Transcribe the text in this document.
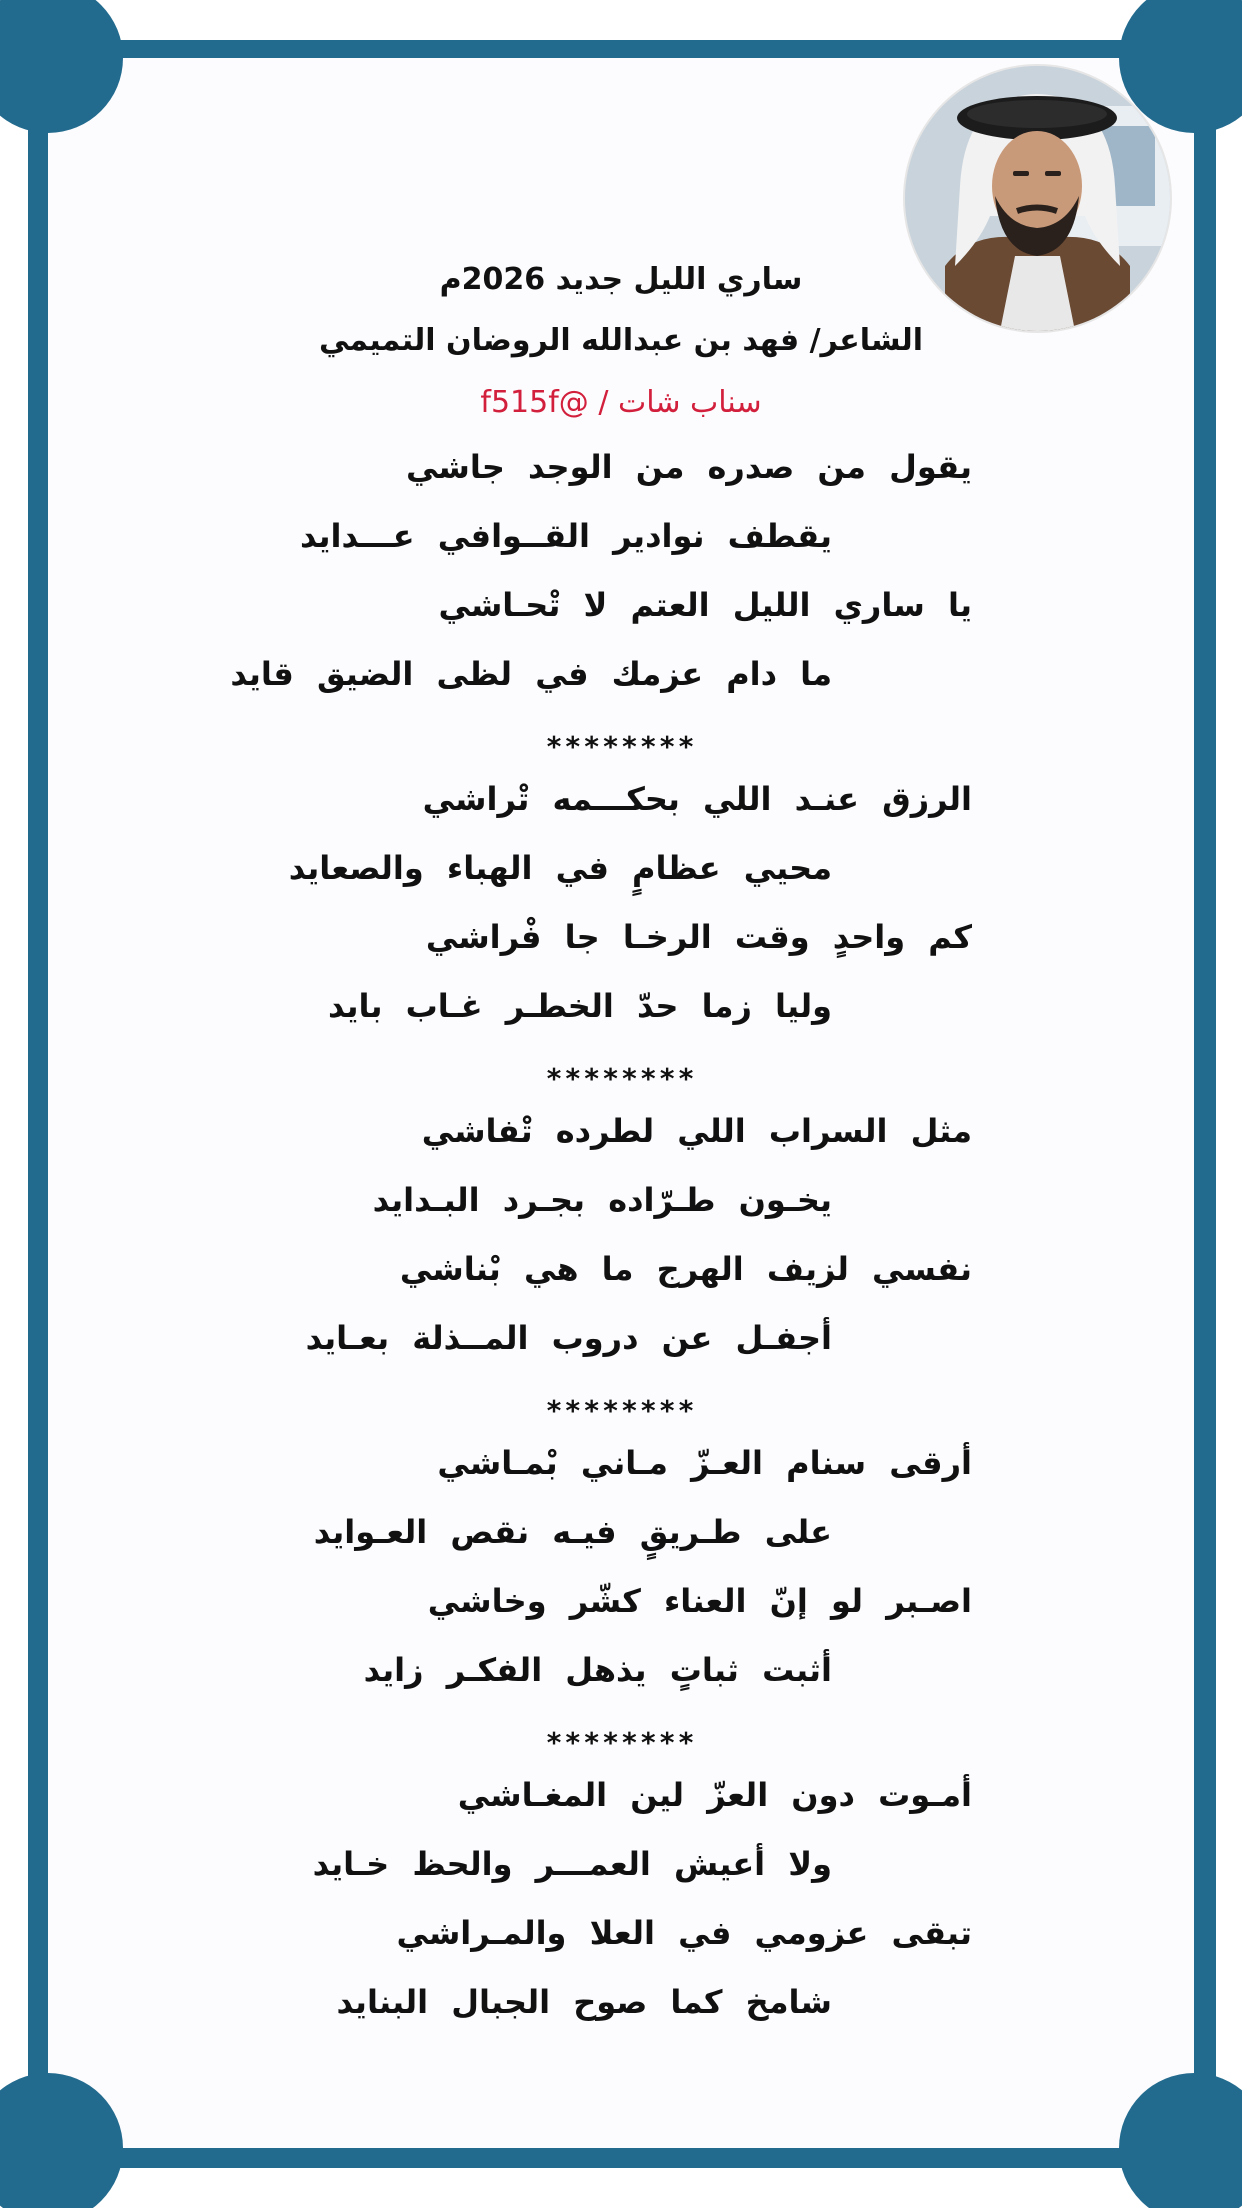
ساري الليل جديد 2026م
الشاعر/ فهد بن عبدالله الروضان التميمي
سناب شات / @f515f
يقول من صدره من الوجد جاشي
يقطف نوادير القــوافي عـــدايد
يا ساري الليل العتم لا تْحـاشي
ما دام عزمك في لظى الضيق قايد
********
الرزق عنـد اللي بحكـــمه تْراشي
محيي عظامٍ في الهباء والصعايد
كم واحدٍ وقت الرخـا جا فْراشي
وليا زما حدّ الخطـر غـاب بايد
********
مثل السراب اللي لطرده تْفاشي
يخـون طـرّاده بجـرد البـدايد
نفسي لزيف الهرج ما هي بْناشي
أجفـل عن دروب المــذلة بعـايد
********
أرقى سنام العـزّ مـاني بْمـاشي
على طـريقٍ فيـه نقص العـوايد
اصـبر لو إنّ العناء كشّر وخاشي
أثبت ثباتٍ يذهل الفكـر زايد
********
أمـوت دون العزّ لين المغـاشي
ولا أعيش العمـــر والحظ خـايد
تبقى عزومي في العلا والمـراشي
شامخ كما صوح الجبال البنايد
